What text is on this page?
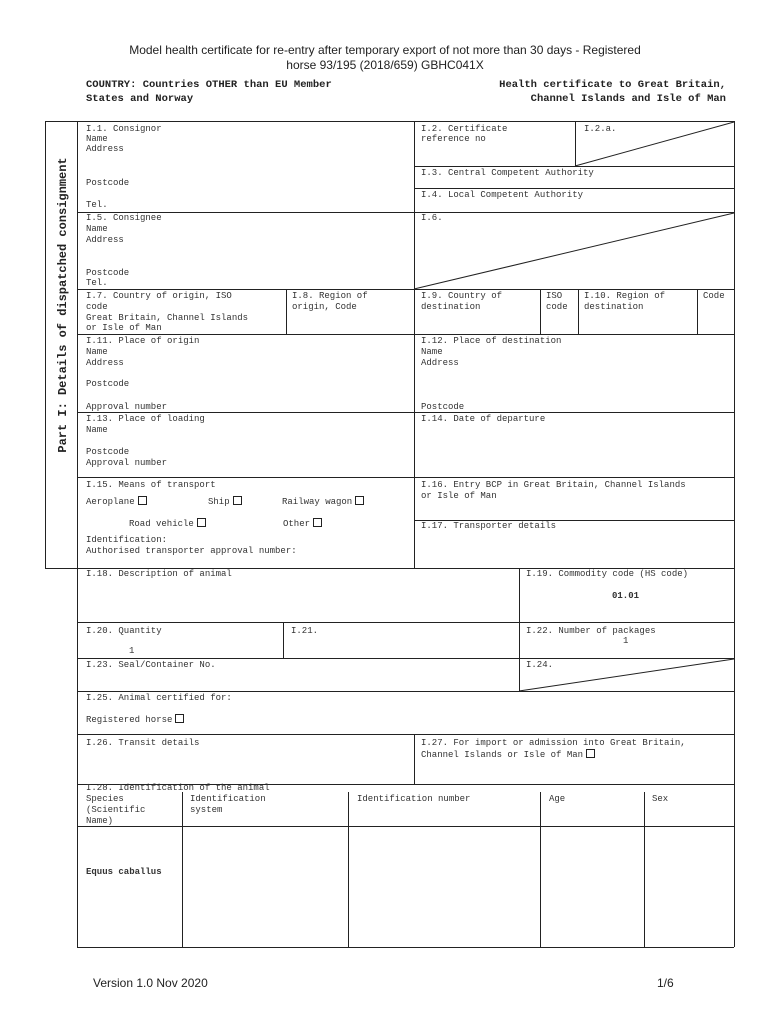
Model health certificate for re-entry after temporary export of not more than 30 days - Registered
horse 93/195 (2018/659) GBHC041X
COUNTRY: Countries OTHER than EU Member
States and Norway
Health certificate to Great Britain,
Channel Islands and Isle of Man
Part I: Details of dispatched consignment
I.1. Consignor
Name
Address
Postcode
Tel.
I.2. Certificate
reference no
I.2.a.
I.3. Central Competent Authority
I.4. Local Competent Authority
I.5. Consignee
Name
Address
Postcode
Tel.
I.6.
I.7. Country of origin, ISO
code
Great Britain, Channel Islands
or Isle of Man
I.8. Region of
origin, Code
I.9. Country of
destination
ISO
code
I.10. Region of
destination
Code
I.11. Place of origin
Name
Address
Postcode
Approval number
I.12. Place of destination
Name
Address
Postcode
I.13. Place of loading
Name
Postcode
Approval number
I.14. Date of departure
I.15. Means of transport
Aeroplane	Ship	Railway wagon
Road vehicle	Other
Identification:
Authorised transporter approval number:
I.16. Entry BCP in Great Britain, Channel Islands
or Isle of Man
I.17. Transporter details
I.18. Description of animal	I.19. Commodity code (HS code)
01.01
I.20. Quantity
1
I.21.	I.22. Number of packages
1
I.23. Seal/Container No.	I.24.
I.25. Animal certified for:
Registered horse
I.26. Transit details	I.27. For import or admission into Great Britain,
Channel Islands or Isle of Man
I.28. Identification of the animal
Species
(Scientific
Name)
Identification
system
Identification number	Age	Sex
Equus caballus
Version 1.0 Nov 2020	1/6
